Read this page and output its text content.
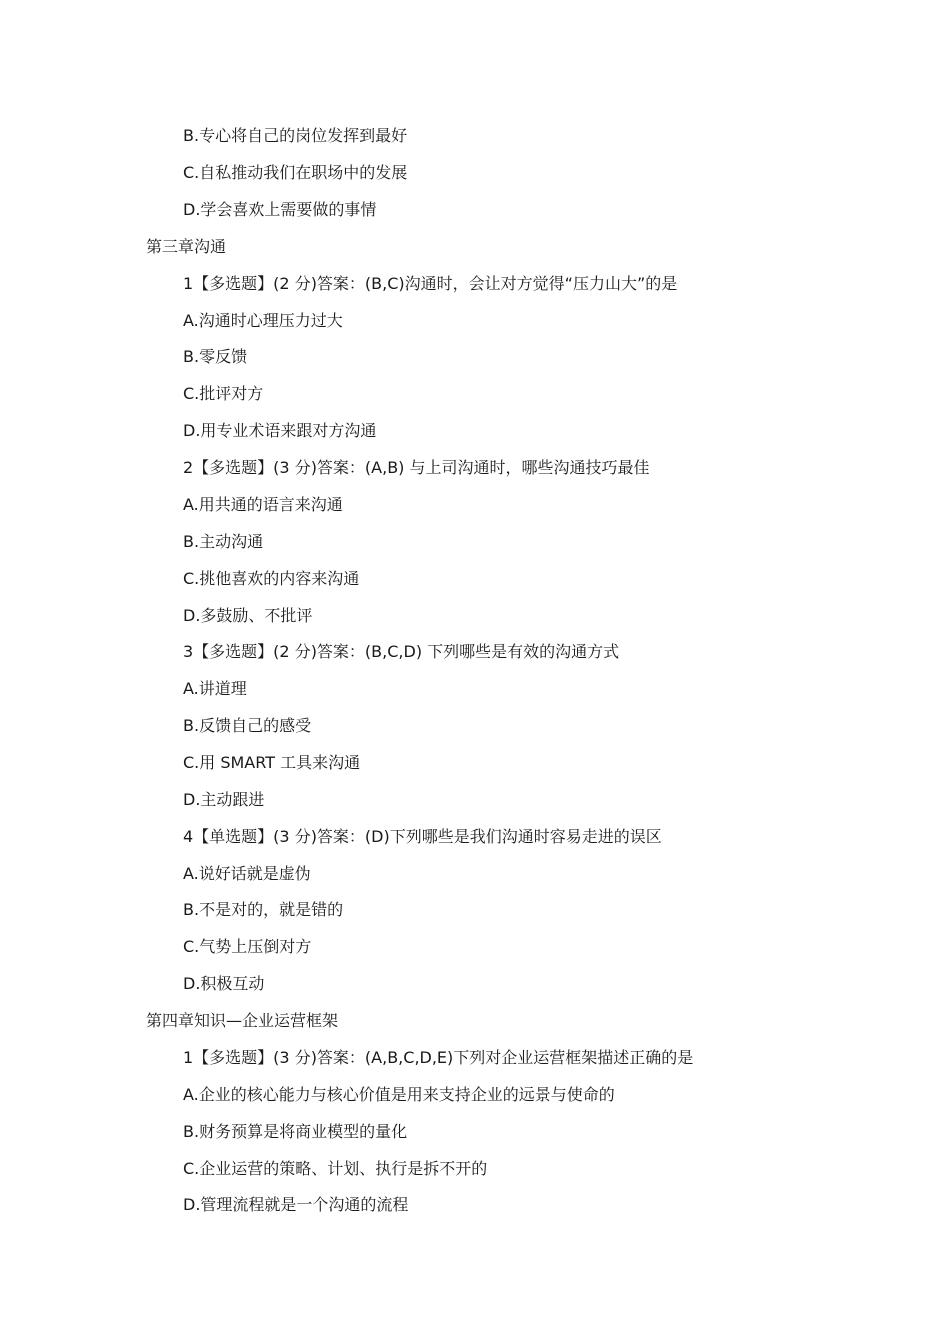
B.专心将自己的岗位发挥到最好
C.自私推动我们在职场中的发展
D.学会喜欢上需要做的事情
第三章沟通
1【多选题】(2 分)答案：(B,C)沟通时，会让对方觉得“压力山大”的是
A.沟通时心理压力过大
B.零反馈
C.批评对方
D.用专业术语来跟对方沟通
2【多选题】(3 分)答案：(A,B) 与上司沟通时，哪些沟通技巧最佳
A.用共通的语言来沟通
B.主动沟通
C.挑他喜欢的内容来沟通
D.多鼓励、不批评
3【多选题】(2 分)答案：(B,C,D) 下列哪些是有效的沟通方式
A.讲道理
B.反馈自己的感受
C.用 SMART 工具来沟通
D.主动跟进
4【单选题】(3 分)答案：(D)下列哪些是我们沟通时容易走进的误区
A.说好话就是虚伪
B.不是对的，就是错的
C.气势上压倒对方
D.积极互动
第四章知识—企业运营框架
1【多选题】(3 分)答案：(A,B,C,D,E)下列对企业运营框架描述正确的是
A.企业的核心能力与核心价值是用来支持企业的远景与使命的
B.财务预算是将商业模型的量化
C.企业运营的策略、计划、执行是拆不开的
D.管理流程就是一个沟通的流程
